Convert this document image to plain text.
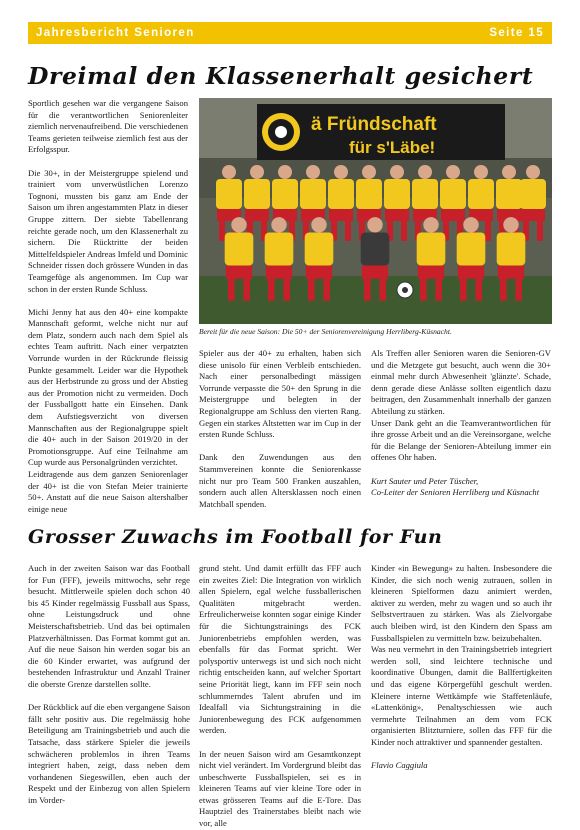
Jahresbericht Senioren	Seite 15
Dreimal den Klassenerhalt gesichert

Sportlich gesehen war die vergangene Saison für die verantwortlichen Seniorenleiter ziemlich nervenaufreibend. Die verschiedenen Teams gerieten teilweise ziemlich fest aus der Erfolgsspur.

Die 30+, in der Meistergruppe spielend und trainiert vom unverwüstlichen Lorenzo Tognoni, mussten bis ganz am Ende der Saison um ihren angestammten Platz in dieser Gruppe zittern. Der siebte Tabellenrang reichte gerade noch, um den Klassenerhalt zu sichern. Die Rücktritte der beiden Mittelfeldspieler Andreas Imfeld und Dominic Schneider rissen doch grössere Wunden in das Teamgefüge als angenommen. Im Cup war schon in der ersten Runde Schluss.

Michi Jenny hat aus den 40+ eine kompakte Mannschaft geformt, welche nicht nur auf dem Platz, sondern auch nach dem Spiel als echtes Team auftritt. Nach einer verpatzten Vorrunde wurden in der Rückrunde fleissig Punkte gesammelt. Leider war die Hypothek aus der Herbstrunde zu gross und der Abstieg aus der Promotion nicht zu vermeiden. Doch der Fussballgott hatte ein Einsehen. Dank dem Aufstiegsverzicht von diversen Mannschaften aus der Regionalgruppe spielt die 40+ auch in der Saison 2019/20 in der Promotionsgruppe. Auf eine Teilnahme am Cup wurde aus Personalgründen verzichtet.

Leidtragende aus dem ganzen Seniorenlager der 40+ ist die von Stefan Meier trainierte 50+. Anstatt auf die neue Saison altershalber einige neue

ä Fründschaft
für s'Läbe!
Bereit für die neue Saison: Die 50+ der Seniorenvereinigung Herrliberg-Küsnacht.

Spieler aus der 40+ zu erhalten, haben sich diese unisolo für einen Verbleib entschieden. Nach einer personalbedingt mässigen Vorrunde verpasste die 50+ den Sprung in die Meistergruppe und belegten in der Regionalgruppe am Schluss den vierten Rang. Gegen ein starkes Altstetten war im Cup in der ersten Runde Schluss.

Dank den Zuwendungen aus den Stammvereinen konnte die Seniorenkasse nicht nur pro Team 500 Franken auszahlen, sondern auch allen Altersklassen noch einen Matchball spenden.

Als Treffen aller Senioren waren die Senioren-GV und die Metzgete gut besucht, auch wenn die 30+ einmal mehr durch Abwesenheit 'glänzte'. Schade, denn gerade diese Anlässe sollten eigentlich dazu beitragen, den Zusammenhalt innerhalb der ganzen Abteilung zu stärken.

Unser Dank geht an die Teamverantwortlichen für ihre grosse Arbeit und an die Vereinsorgane, welche für die Belange der Senioren-Abteilung immer ein offenes Ohr haben.

Kurt Sauter und Peter Tüscher,

Co-Leiter der Senioren Herrliberg und Küsnacht

Grosser Zuwachs im Football for Fun

Auch in der zweiten Saison war das Football for Fun (FFF), jeweils mittwochs, sehr rege besucht. Mittlerweile spielen doch schon 40 bis 45 Kinder regelmässig Fussball aus Spass, ohne Leistungsdruck und ohne Meisterschaftsbetrieb. Und das bei optimalen Platzverhältnissen. Das Format kommt gut an. Auf die neue Saison hin werden sogar bis an die 60 Kinder erwartet, was aufgrund der bestehenden Infrastruktur und Anzahl Trainer die oberste Grenze darstellen sollte.

Der Rückblick auf die eben vergangene Saison fällt sehr positiv aus. Die regelmässig hohe Beteiligung am Trainingsbetrieb und auch die Tatsache, dass stärkere Spieler die jeweils schwächeren problemlos in ihren Teams integriert haben, zeigt, dass neben dem vorhandenen Siegeswillen, eben auch der Respekt und der Einbezug von allen Spielern im Vorder-

grund steht. Und damit erfüllt das FFF auch ein zweites Ziel: Die Integration von wirklich allen Spielern, egal welche fussballerischen Qualitäten mitgebracht werden. Erfreulicherweise konnten sogar einige Kinder für die Sichtungstrainings des FCK Juniorenbetriebs empfohlen werden, was ebenfalls für das Format spricht. Wer polysportiv unterwegs ist und sich noch nicht richtig entscheiden kann, auf welcher Sportart seine Priorität liegt, kann im FFF sein noch schlummerndes Talent abrufen und im Idealfall via Sichtungstraining in die Juniorenbewegung des FCK aufgenommen werden.

In der neuen Saison wird am Gesamtkonzept nicht viel verändert. Im Vordergrund bleibt das unbeschwerte Fussballspielen, sei es in kleineren Teams auf vier kleine Tore oder in etwas grösseren Teams auf die E-Tore. Das Hauptziel des Trainerstabes bleibt nach wie vor, alle

Kinder «in Bewegung» zu halten. Insbesondere die Kinder, die sich noch wenig zutrauen, sollen in kleineren Spielformen dazu animiert werden, aktiver zu werden, mehr zu wagen und so auch ihr Selbstvertrauen zu stärken. Was als Zielvorgabe auch bleiben wird, ist den Kindern den Spass am Fussballspielen zu vermitteln bzw. beizubehalten.

Was neu vermehrt in den Trainingsbetrieb integriert werden soll, sind leichtere technische und koordinative Übungen, damit die Ballfertigkeiten und das eigene Körpergefühl geschult werden. Kleinere interne Wettkämpfe wie Staffetenläufe, «Lattenkönig», Penaltyschiessen wie auch vermehrte Teilnahmen an dem vom FCK organisierten Blitzturniere, sollen das FFF für die Kinder noch attraktiver und spannender gestalten.

Flavio Caggiula
